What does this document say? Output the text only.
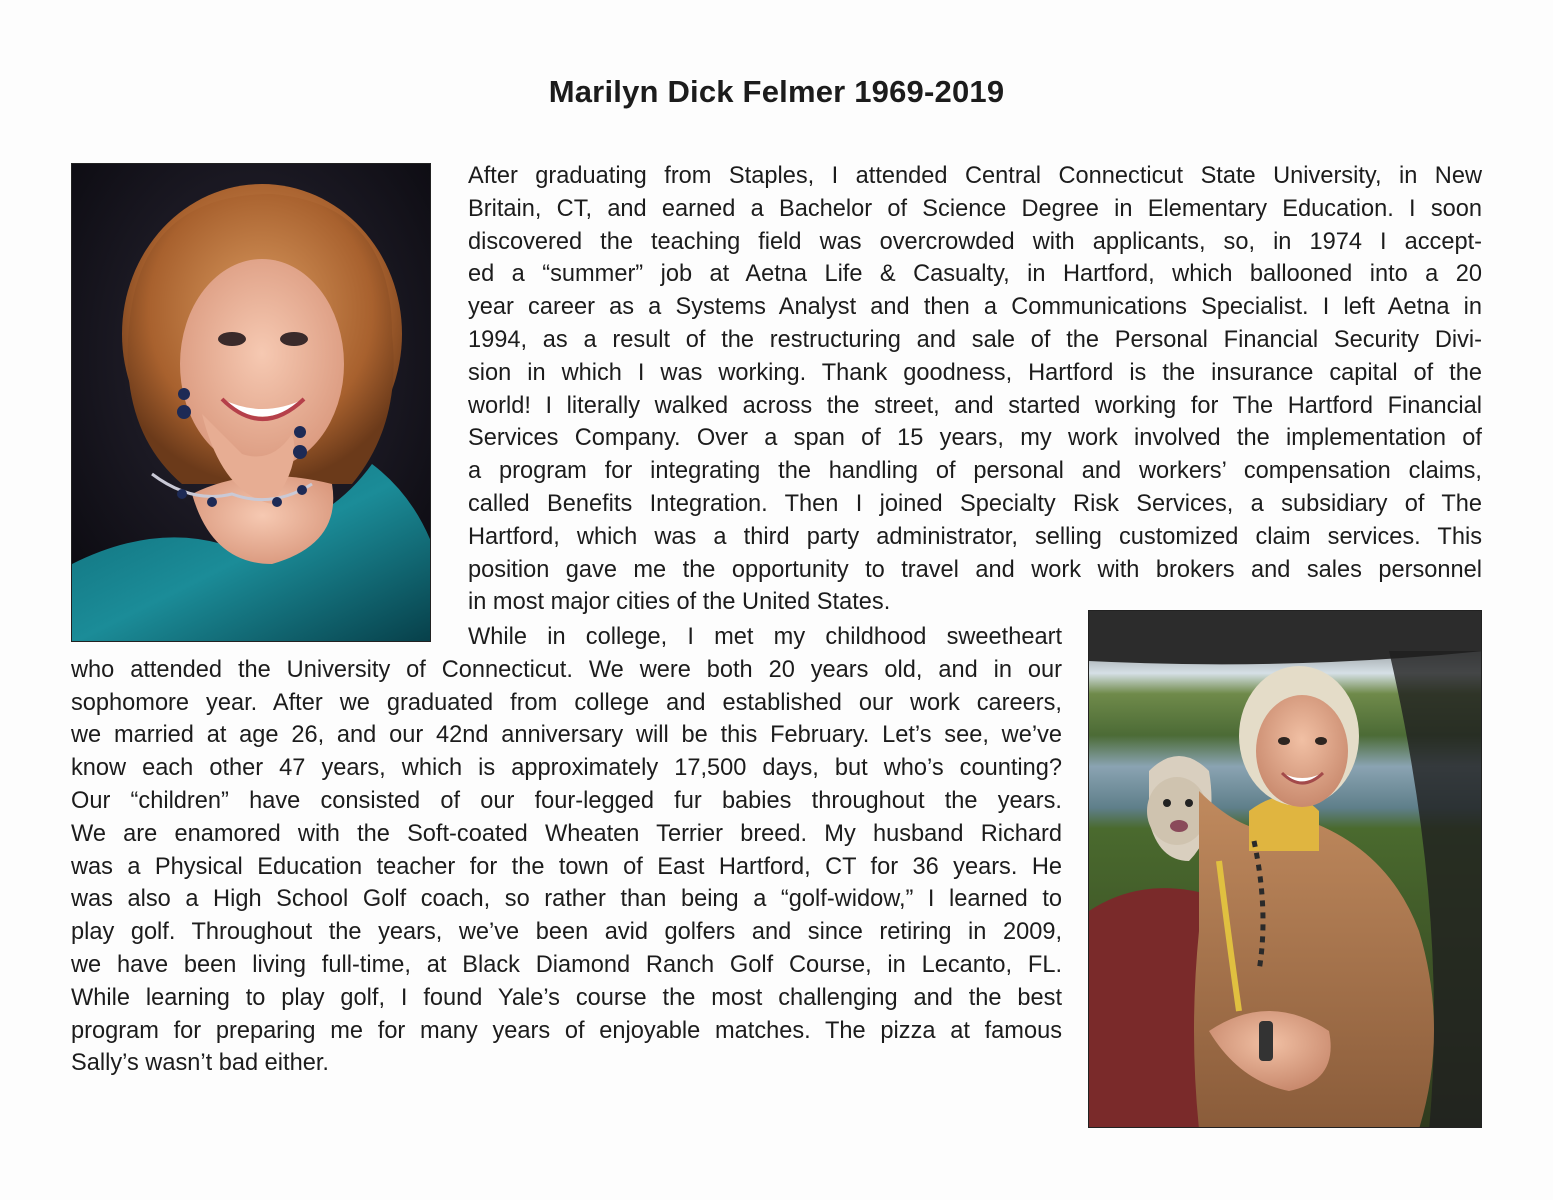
Marilyn Dick Felmer 1969-2019
After graduating from Staples, I attended Central Connecticut State University, in New
Britain, CT, and earned a Bachelor of Science Degree in Elementary Education. I soon
discovered the teaching field was overcrowded with applicants, so, in 1974 I accept-
ed a “summer” job at Aetna Life & Casualty, in Hartford, which ballooned into a 20
year career as a Systems Analyst and then a Communications Specialist. I left Aetna in
1994, as a result of the restructuring and sale of the Personal Financial Security Divi-
sion in which I was working. Thank goodness, Hartford is the insurance capital of the
world! I literally walked across the street, and started working for The Hartford Financial
Services Company. Over a span of 15 years, my work involved the implementation of
a program for integrating the handling of personal and workers’ compensation claims,
called Benefits Integration. Then I joined Specialty Risk Services, a subsidiary of The
Hartford, which was a third party administrator, selling customized claim services. This
position gave me the opportunity to travel and work with brokers and sales personnel
in most major cities of the United States.
While in college, I met my childhood sweetheart
who attended the University of Connecticut. We were both 20 years old, and in our
sophomore year. After we graduated from college and established our work careers,
we married at age 26, and our 42nd anniversary will be this February. Let’s see, we’ve
know each other 47 years, which is approximately 17,500 days, but who’s counting?
Our “children” have consisted of our four-legged fur babies throughout the years.
We are enamored with the Soft-coated Wheaten Terrier breed. My husband Richard
was a Physical Education teacher for the town of East Hartford, CT for 36 years. He
was also a High School Golf coach, so rather than being a “golf-widow,” I learned to
play golf. Throughout the years, we’ve been avid golfers and since retiring in 2009,
we have been living full-time, at Black Diamond Ranch Golf Course, in Lecanto, FL.
While learning to play golf, I found Yale’s course the most challenging and the best
program for preparing me for many years of enjoyable matches. The pizza at famous
Sally’s wasn’t bad either.
